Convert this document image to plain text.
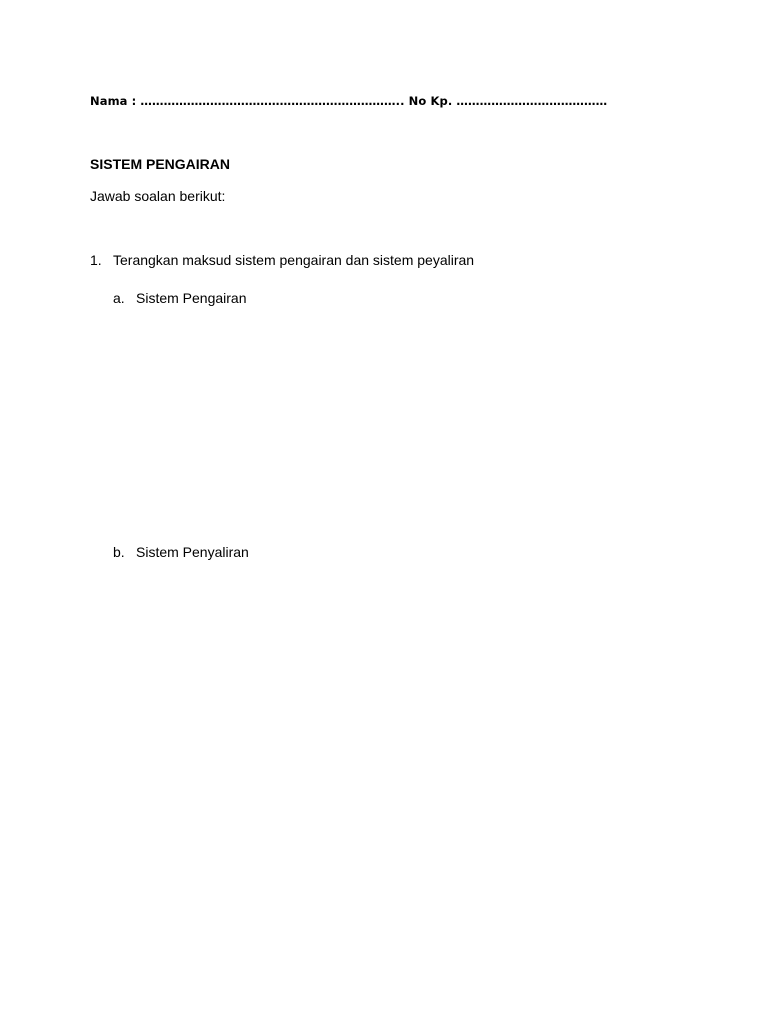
Nama : ………………………………………………………….. No Kp. …………………………………
SISTEM PENGAIRAN
Jawab soalan berikut:
1. Terangkan maksud sistem pengairan dan sistem peyaliran
a. Sistem Pengairan
b. Sistem Penyaliran
